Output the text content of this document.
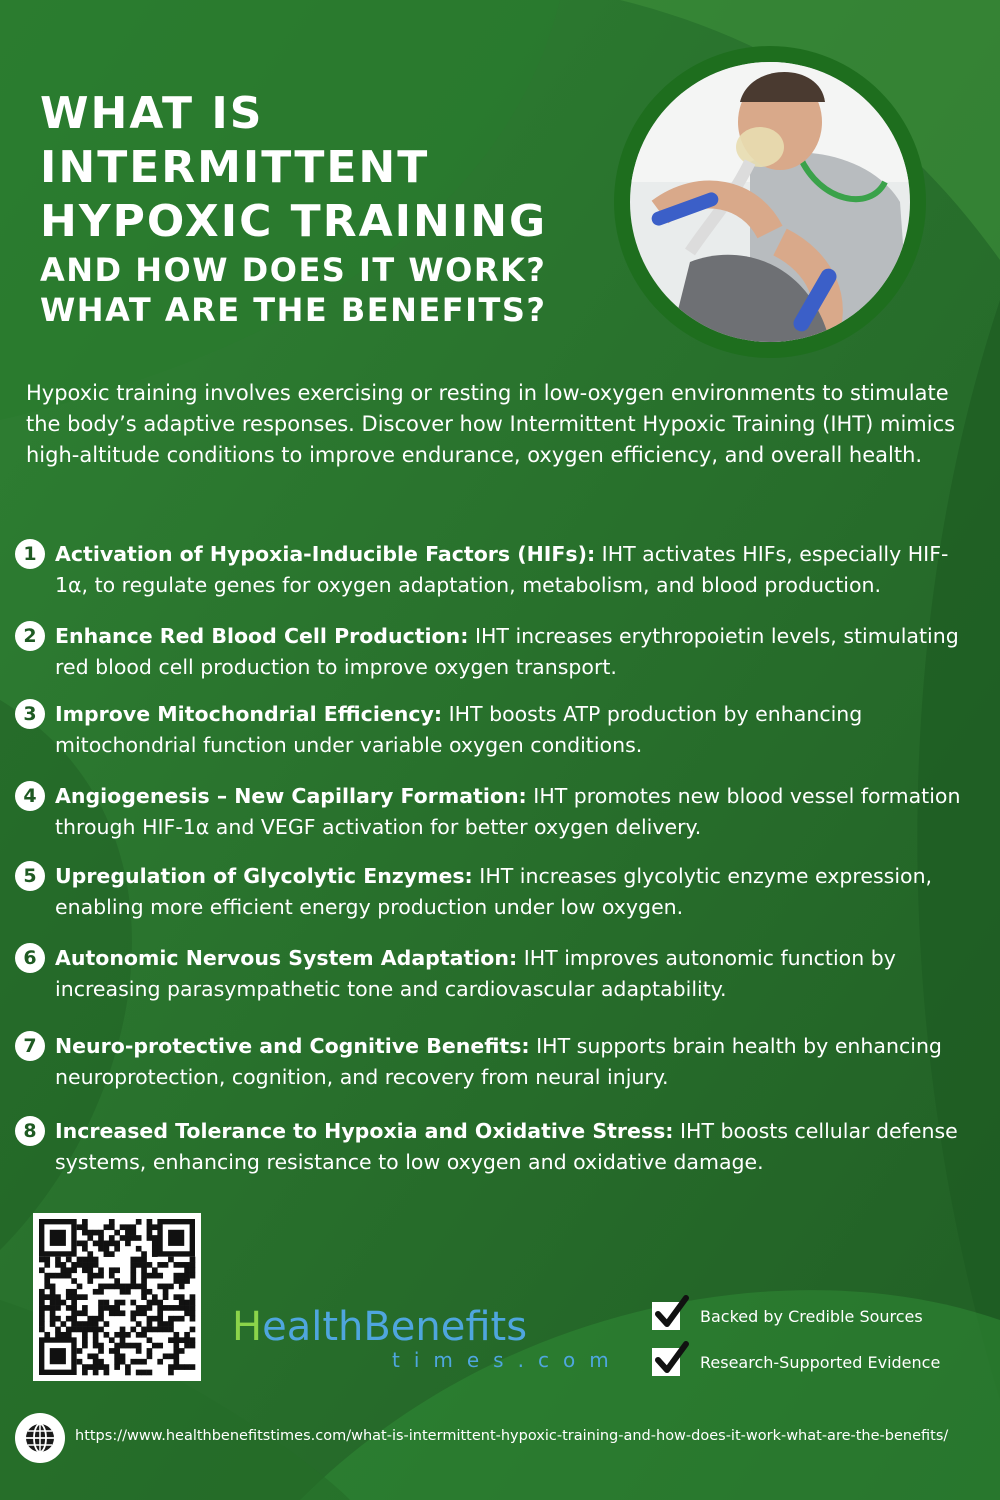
WHAT IS
INTERMITTENT
HYPOXIC TRAINING
AND HOW DOES IT WORK?
WHAT ARE THE BENEFITS?
Hypoxic training involves exercising or resting in low-oxygen environments to stimulate the body’s adaptive responses. Discover how Intermittent Hypoxic Training (IHT) mimics high-altitude conditions to improve endurance, oxygen efficiency, and overall health.
1 Activation of Hypoxia-Inducible Factors (HIFs): IHT activates HIFs, especially HIF-1α, to regulate genes for oxygen adaptation, metabolism, and blood production.
2 Enhance Red Blood Cell Production: IHT increases erythropoietin levels, stimulating red blood cell production to improve oxygen transport.
3 Improve Mitochondrial Efficiency: IHT boosts ATP production by enhancing mitochondrial function under variable oxygen conditions.
4 Angiogenesis – New Capillary Formation: IHT promotes new blood vessel formation through HIF-1α and VEGF activation for better oxygen delivery.
5 Upregulation of Glycolytic Enzymes: IHT increases glycolytic enzyme expression, enabling more efficient energy production under low oxygen.
6 Autonomic Nervous System Adaptation: IHT improves autonomic function by increasing parasympathetic tone and cardiovascular adaptability.
7 Neuro-protective and Cognitive Benefits: IHT supports brain health by enhancing neuroprotection, cognition, and recovery from neural injury.
8 Increased Tolerance to Hypoxia and Oxidative Stress: IHT boosts cellular defense systems, enhancing resistance to low oxygen and oxidative damage.
HealthBenefits
times.com
Backed by Credible Sources
Research-Supported Evidence
https://www.healthbenefitstimes.com/what-is-intermittent-hypoxic-training-and-how-does-it-work-what-are-the-benefits/
